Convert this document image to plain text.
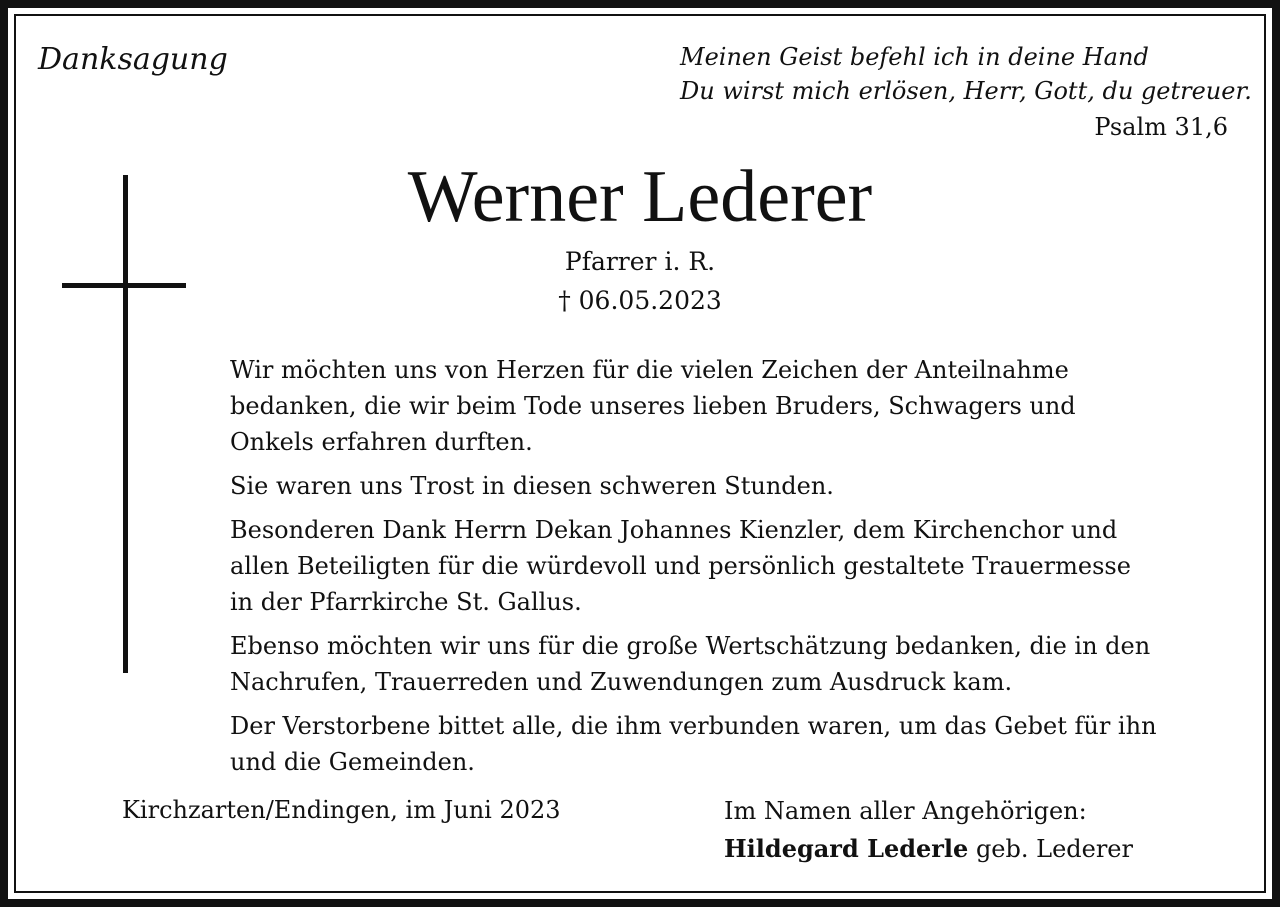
Danksagung	Meinen Geist befehl ich in deine Hand
Du wirst mich erlösen, Herr, Gott, du getreuer.
Psalm 31,6
Werner Lederer
Pfarrer i. R.
† 06.05.2023

Wir möchten uns von Herzen für die vielen Zeichen der Anteilnahme
bedanken, die wir beim Tode unseres lieben Bruders, Schwagers und
Onkels erfahren durften.

Sie waren uns Trost in diesen schweren Stunden.

Besonderen Dank Herrn Dekan Johannes Kienzler, dem Kirchenchor und
allen Beteiligten für die würdevoll und persönlich gestaltete Trauermesse
in der Pfarrkirche St. Gallus.

Ebenso möchten wir uns für die große Wertschätzung bedanken, die in den
Nachrufen, Trauerreden und Zuwendungen zum Ausdruck kam.

Der Verstorbene bittet alle, die ihm verbunden waren, um das Gebet für ihn
und die Gemeinden.

Kirchzarten/Endingen, im Juni 2023	Im Namen aller Angehörigen:
Hildegard Lederle geb. Lederer
